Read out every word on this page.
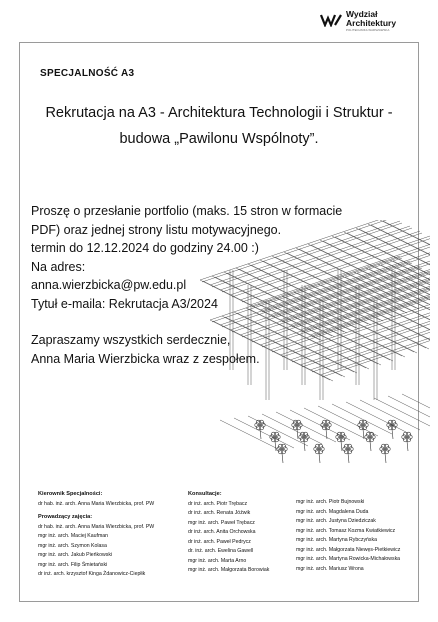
Wydział
Architektury
POLITECHNIKA WARSZAWSKA
SPECJALNOŚĆ A3
Rekrutacja na A3 - Architektura Technologii i Struktur -
budowa „Pawilonu Wspólnoty”.
Proszę o przesłanie portfolio (maks. 15 stron w formacie
PDF) oraz jednej strony listu motywacyjnego.
termin do 12.12.2024 do godziny 24.00 :)
Na adres:
anna.wierzbicka@pw.edu.pl
Tytuł e-maila: Rekrutacja A3/2024
Zapraszamy wszystkich serdecznie,
Anna Maria Wierzbicka wraz z zespołem.
Kierownik Specjalności:
dr hab. inż. arch. Anna Maria Wierzbicka, prof. PW
Prowadzący zajęcia:
dr hab. inż. arch. Anna Maria Wierzbicka, prof. PW
mgr inż. arch. Maciej Kaufman
mgr inż. arch. Szymon Kolasa
mgr inż. arch. Jakub Pieńkowski
mgr inż. arch. Filip Śmietański
dr inż. arch. krzysztof Kinga Żdanowicz-Ciepłik
Konsultacje:
dr inż. arch. Piotr Trębacz
dr inż. arch. Renata Jóźwik
mgr inż. arch. Paweł Trębacz
dr inż. arch. Anita Orchowska
dr inż. arch. Paweł Pedrycz
dr. inż. arch. Ewelina Gawell
mgr inż. arch. Marta Arno
mgr inż. arch. Małgorzata Borowiak
mgr inż. arch. Piotr Bujnowski
mgr inż. arch. Magdalena Duda
mgr inż. arch. Justyna Dziedziczak
mgr inż. arch. Tomasz Kozma Kwiatkiewicz
mgr inż. arch. Martyna Rybczyńska
mgr inż. arch. Małgorzata Niewęs-Pietkiewicz
mgr inż. arch. Martyna Rowicka-Michałowska
mgr inż. arch. Mariusz Wrona
